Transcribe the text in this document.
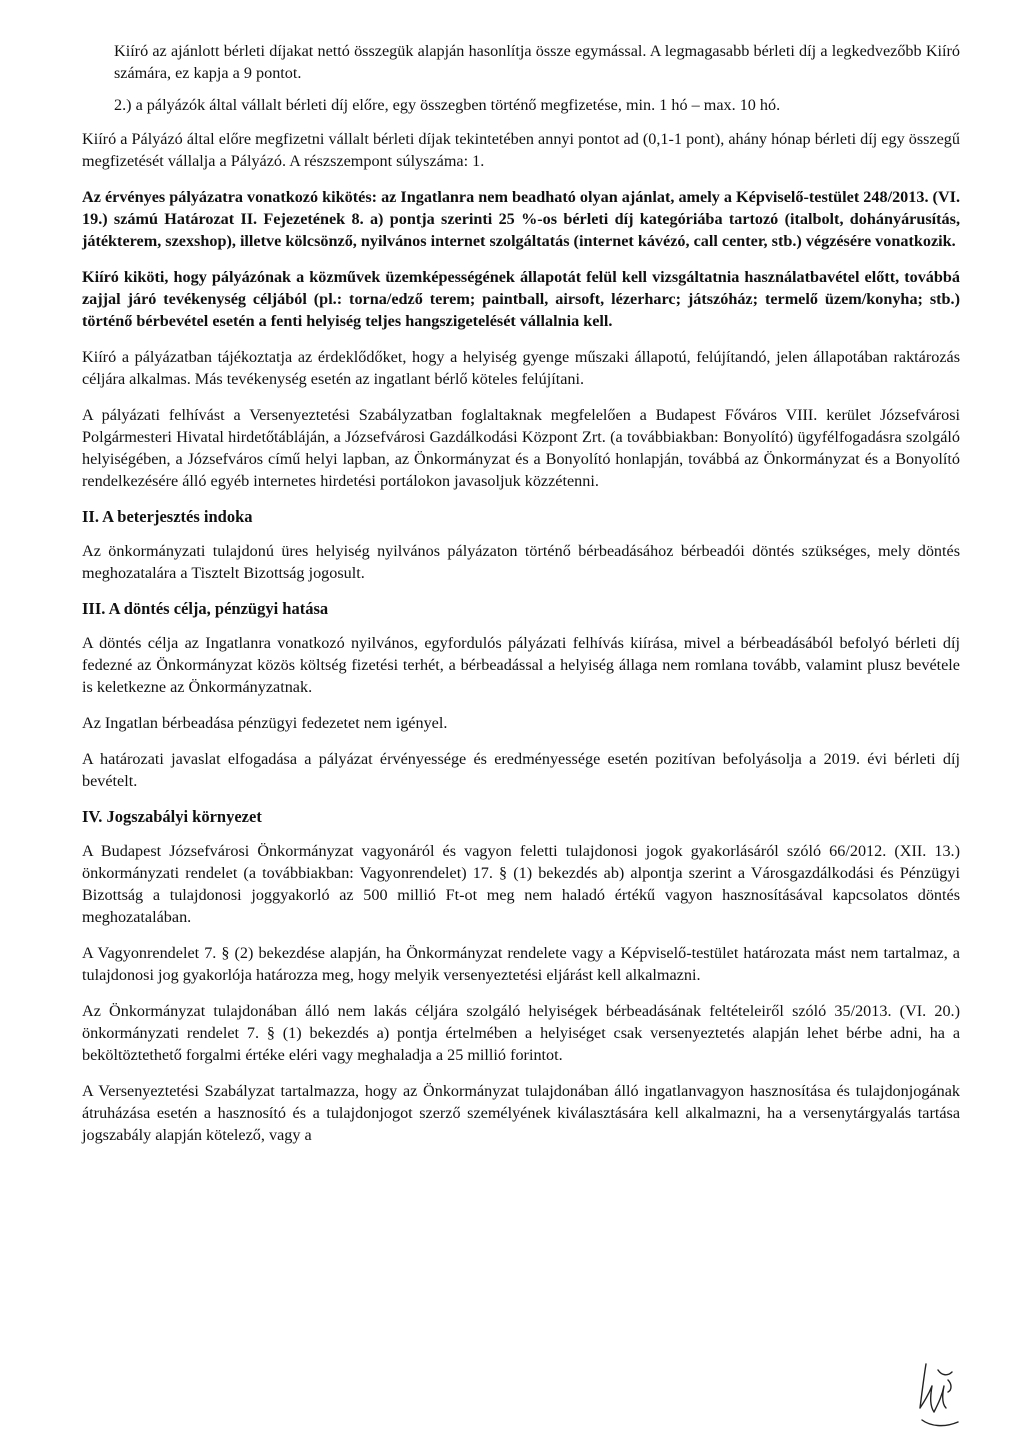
Kiíró az ajánlott bérleti díjakat nettó összegük alapján hasonlítja össze egymással. A legmagasabb bérleti díj a legkedvezőbb Kiíró számára, ez kapja a 9 pontot.

2.) a pályázók által vállalt bérleti díj előre, egy összegben történő megfizetése, min. 1 hó – max. 10 hó.

Kiíró a Pályázó által előre megfizetni vállalt bérleti díjak tekintetében annyi pontot ad (0,1-1 pont), ahány hónap bérleti díj egy összegű megfizetését vállalja a Pályázó. A részszempont súlyszáma: 1.

Az érvényes pályázatra vonatkozó kikötés: az Ingatlanra nem beadható olyan ajánlat, amely a Képviselő-testület 248/2013. (VI. 19.) számú Határozat II. Fejezetének 8. a) pontja szerinti 25 %-os bérleti díj kategóriába tartozó (italbolt, dohányárusítás, játékterem, szexshop), illetve kölcsönző, nyilvános internet szolgáltatás (internet kávézó, call center, stb.) végzésére vonatkozik.

Kiíró kiköti, hogy pályázónak a közművek üzemképességének állapotát felül kell vizsgáltatnia használatbavétel előtt, továbbá zajjal járó tevékenység céljából (pl.: torna/edző terem; paintball, airsoft, lézerharc; játszóház; termelő üzem/konyha; stb.) történő bérbevétel esetén a fenti helyiség teljes hangszigetelését vállalnia kell.

Kiíró a pályázatban tájékoztatja az érdeklődőket, hogy a helyiség gyenge műszaki állapotú, felújítandó, jelen állapotában raktározás céljára alkalmas. Más tevékenység esetén az ingatlant bérlő köteles felújítani.

A pályázati felhívást a Versenyeztetési Szabályzatban foglaltaknak megfelelően a Budapest Főváros VIII. kerület Józsefvárosi Polgármesteri Hivatal hirdetőtábláján, a Józsefvárosi Gazdálkodási Központ Zrt. (a továbbiakban: Bonyolító) ügyfélfogadásra szolgáló helyiségében, a Józsefváros című helyi lapban, az Önkormányzat és a Bonyolító honlapján, továbbá az Önkormányzat és a Bonyolító rendelkezésére álló egyéb internetes hirdetési portálokon javasoljuk közzétenni.

II. A beterjesztés indoka

Az önkormányzati tulajdonú üres helyiség nyilvános pályázaton történő bérbeadásához bérbeadói döntés szükséges, mely döntés meghozatalára a Tisztelt Bizottság jogosult.

III. A döntés célja, pénzügyi hatása

A döntés célja az Ingatlanra vonatkozó nyilvános, egyfordulós pályázati felhívás kiírása, mivel a bérbeadásából befolyó bérleti díj fedezné az Önkormányzat közös költség fizetési terhét, a bérbeadással a helyiség állaga nem romlana tovább, valamint plusz bevétele is keletkezne az Önkormányzatnak.

Az Ingatlan bérbeadása pénzügyi fedezetet nem igényel.

A határozati javaslat elfogadása a pályázat érvényessége és eredményessége esetén pozitívan befolyásolja a 2019. évi bérleti díj bevételt.

IV. Jogszabályi környezet

A Budapest Józsefvárosi Önkormányzat vagyonáról és vagyon feletti tulajdonosi jogok gyakorlásáról szóló 66/2012. (XII. 13.) önkormányzati rendelet (a továbbiakban: Vagyonrendelet) 17. § (1) bekezdés ab) alpontja szerint a Városgazdálkodási és Pénzügyi Bizottság a tulajdonosi joggyakorló az 500 millió Ft-ot meg nem haladó értékű vagyon hasznosításával kapcsolatos döntés meghozatalában.

A Vagyonrendelet 7. § (2) bekezdése alapján, ha Önkormányzat rendelete vagy a Képviselő-testület határozata mást nem tartalmaz, a tulajdonosi jog gyakorlója határozza meg, hogy melyik versenyeztetési eljárást kell alkalmazni.

Az Önkormányzat tulajdonában álló nem lakás céljára szolgáló helyiségek bérbeadásának feltételeiről szóló 35/2013. (VI. 20.) önkormányzati rendelet 7. § (1) bekezdés a) pontja értelmében a helyiséget csak versenyeztetés alapján lehet bérbe adni, ha a beköltöztethető forgalmi értéke eléri vagy meghaladja a 25 millió forintot.

A Versenyeztetési Szabályzat tartalmazza, hogy az Önkormányzat tulajdonában álló ingatlanvagyon hasznosítása és tulajdonjogának átruházása esetén a hasznosító és a tulajdonjogot szerző személyének kiválasztására kell alkalmazni, ha a versenytárgyalás tartása jogszabály alapján kötelező, vagy a
